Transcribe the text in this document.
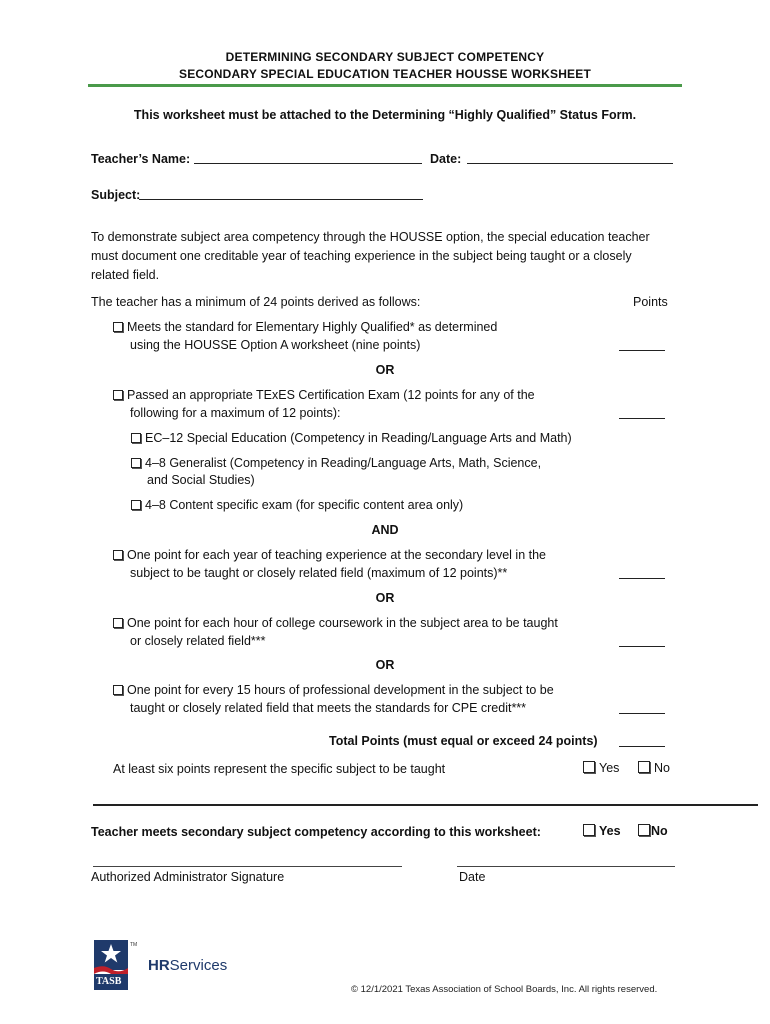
DETERMINING SECONDARY SUBJECT COMPETENCY
SECONDARY SPECIAL EDUCATION TEACHER HOUSSE WORKSHEET
This worksheet must be attached to the Determining “Highly Qualified” Status Form.
Teacher’s Name:	Date:
Subject:
To demonstrate subject area competency through the HOUSSE option, the special education teacher must document one creditable year of teaching experience in the subject being taught or a closely related field.
The teacher has a minimum of 24 points derived as follows:	Points
Meets the standard for Elementary Highly Qualified* as determined
using the HOUSSE Option A worksheet (nine points)
OR
Passed an appropriate TExES Certification Exam (12 points for any of the
following for a maximum of 12 points):
EC–12 Special Education (Competency in Reading/Language Arts and Math)
4–8 Generalist (Competency in Reading/Language Arts, Math, Science,
and Social Studies)
4–8 Content specific exam (for specific content area only)
AND
One point for each year of teaching experience at the secondary level in the
subject to be taught or closely related field (maximum of 12 points)**
OR
One point for each hour of college coursework in the subject area to be taught
or closely related field***
OR
One point for every 15 hours of professional development in the subject to be
taught or closely related field that meets the standards for CPE credit***
Total Points (must equal or exceed 24 points)
At least six points represent the specific subject to be taught	Yes	No
Teacher meets secondary subject competency according to this worksheet:	Yes	No
Authorized Administrator Signature	Date
TM
TASB
HRServices
© 12/1/2021 Texas Association of School Boards, Inc. All rights reserved.
